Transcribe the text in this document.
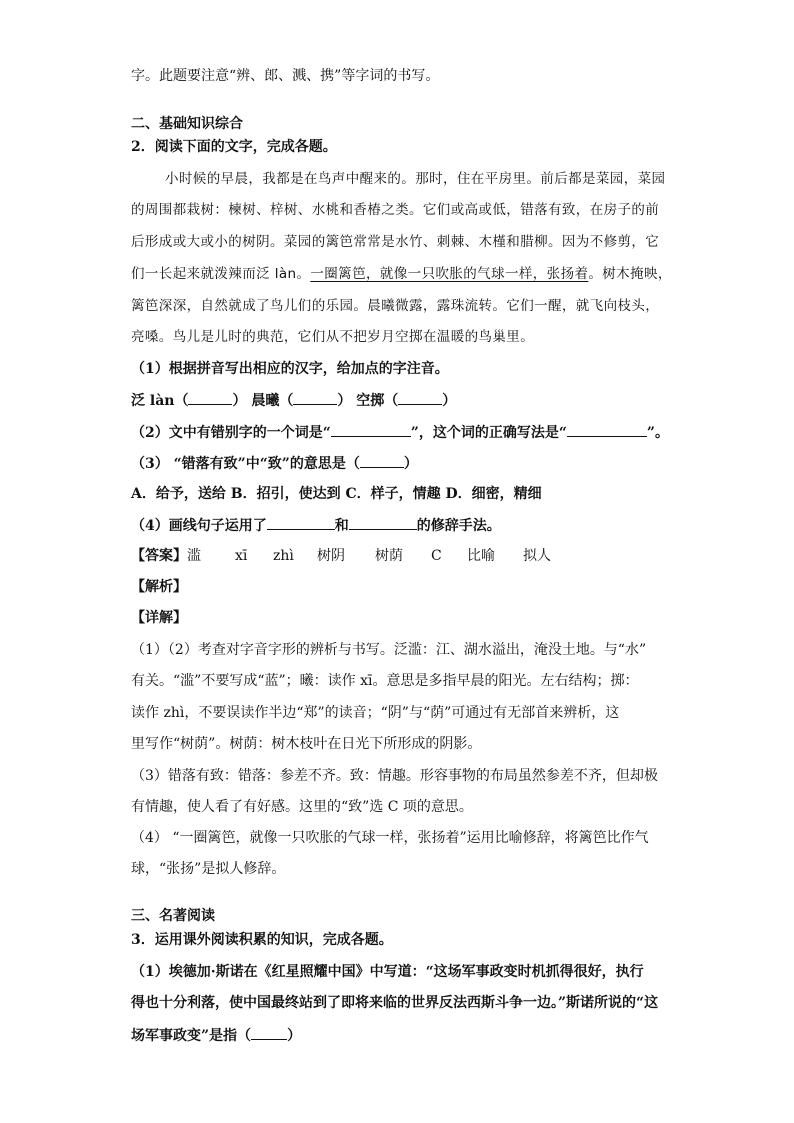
字。此题要注意“辨、郎、溅、携”等字词的书写。
二、基础知识综合
2．阅读下面的文字，完成各题。
小时候的早晨，我都是在鸟声中醒来的。那时，住在平房里。前后都是菜园，菜园
的周围都栽树：楝树、梓树、水桃和香椿之类。它们或高或低，错落有致，在房子的前
后形成或大或小的树阴。菜园的篱笆常常是水竹、刺棘、木槿和腊柳。因为不修剪，它
们一长起来就泼辣而泛 làn。一圈篱笆，就像一只吹胀的气球一样，张扬着。树木掩映，
篱笆深深，自然就成了鸟儿们的乐园。晨曦微露，露珠流转。它们一醒，就飞向枝头，
亮嗓。鸟儿是儿时的典范，它们从不把岁月空掷在温暖的鸟巢里。
（1）根据拼音写出相应的汉字，给加点的字注音。
泛 làn（	） 晨曦（	） 空掷（	）
（2）文中有错别字的一个词是“	”，这个词的正确写法是“	”。
（3） “错落有致”中“致”的意思是（	）
A．给予，送给 B．招引，使达到 C．样子，情趣 D．细密，精细
（4）画线句子运用了	和	的修辞手法。
【答案】滥 xī zhì 树阴 树荫 C 比喻 拟人
【解析】
【详解】
（1）（2）考查对字音字形的辨析与书写。泛滥：江、湖水溢出，淹没土地。与“水”
有关。“滥”不要写成“蓝”；曦：读作 xī。意思是多指早晨的阳光。左右结构；掷：
读作 zhì，不要误读作半边“郑”的读音；“阴”与“荫”可通过有无部首来辨析，这
里写作“树荫”。树荫：树木枝叶在日光下所形成的阴影。
（3）错落有致：错落：参差不齐。致：情趣。形容事物的布局虽然参差不齐，但却极
有情趣，使人看了有好感。这里的“致”选 C 项的意思。
（4） “一圈篱笆，就像一只吹胀的气球一样，张扬着”运用比喻修辞，将篱笆比作气
球，“张扬”是拟人修辞。
三、名著阅读
3．运用课外阅读积累的知识，完成各题。
（1）埃德加·斯诺在《红星照耀中国》中写道：“这场军事政变时机抓得很好，执行
得也十分利落，使中国最终站到了即将来临的世界反法西斯斗争一边。”斯诺所说的“这
场军事政变”是指（	）
